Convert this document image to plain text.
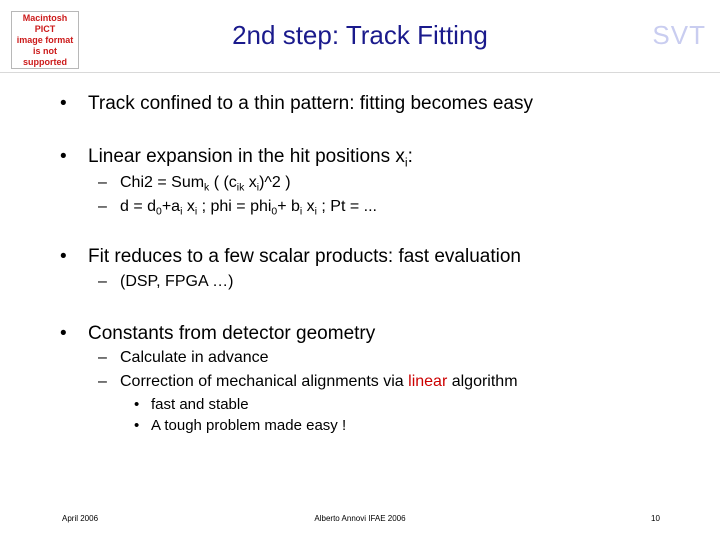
Macintosh PICT
image format
is not supported
2nd step: Track Fitting	SVT
• Track confined to a thin pattern: fitting becomes easy
• Linear expansion in the hit positions $x_i$:
– Chi2 = Sum$_k$ ( ($c_{ik}$ $x_i)\^{}2$ )
– $d = d_0+a_i$ $x_i$ ; phi = $phi_0+ b_i$ $x_i$ ; Pt = ...
• Fit reduces to a few scalar products: fast evaluation
– (DSP, FPGA …)
• Constants from detector geometry
– Calculate in advance
– Correction of mechanical alignments via linear algorithm
• fast and stable
• A tough problem made easy !
April 2006	Alberto Annovi IFAE 2006	10
